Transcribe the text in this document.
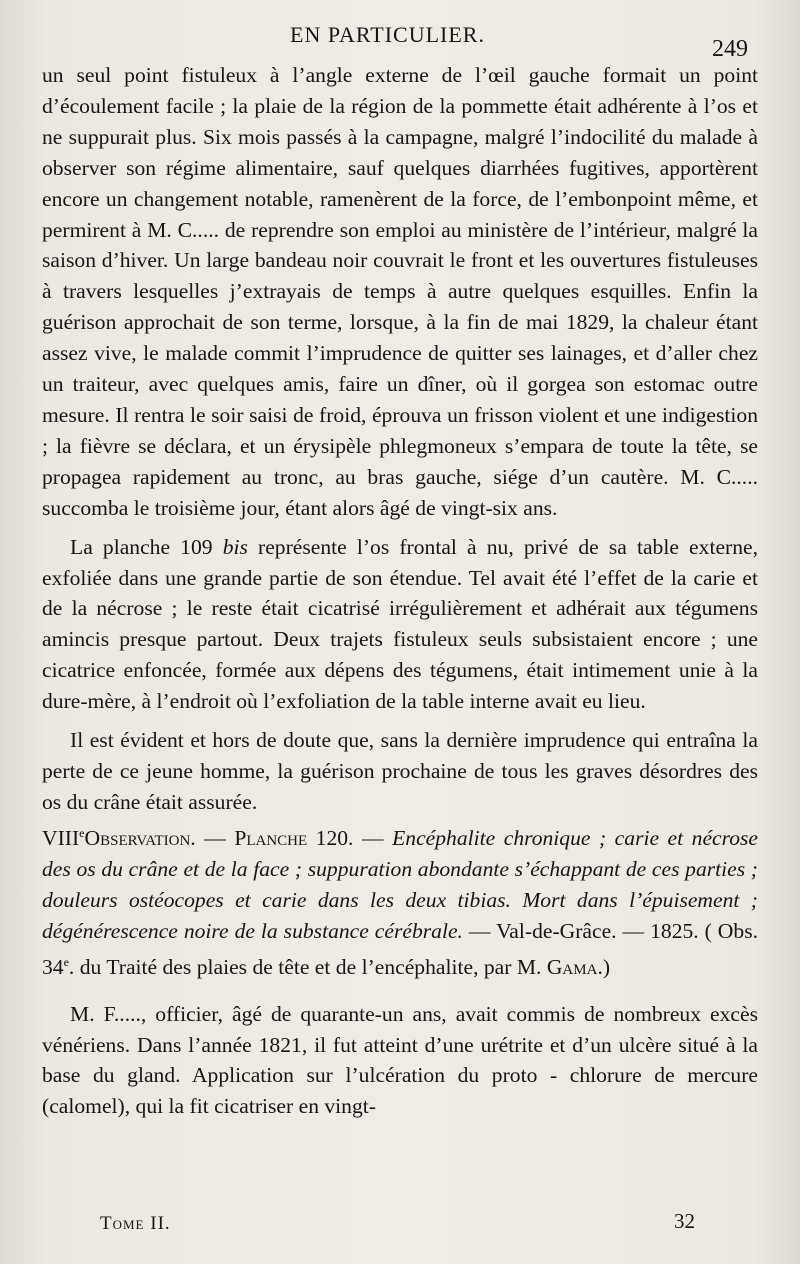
EN PARTICULIER.
249

un seul point fistuleux à l’angle externe de l’œil gauche formait un point d’écoulement facile ; la plaie de la région de la pommette était adhérente à l’os et ne suppurait plus. Six mois passés à la campagne, malgré l’indocilité du malade à observer son régime alimentaire, sauf quelques diarrhées fugitives, apportèrent encore un changement notable, ramenèrent de la force, de l’embonpoint même, et permirent à M. C..... de reprendre son emploi au ministère de l’intérieur, malgré la saison d’hiver. Un large bandeau noir couvrait le front et les ouvertures fistuleuses à travers lesquelles j’extrayais de temps à autre quelques esquilles. Enfin la guérison approchait de son terme, lorsque, à la fin de mai 1829, la chaleur étant assez vive, le malade commit l’imprudence de quitter ses lainages, et d’aller chez un traiteur, avec quelques amis, faire un dîner, où il gorgea son estomac outre mesure. Il rentra le soir saisi de froid, éprouva un frisson violent et une indigestion ; la fièvre se déclara, et un érysipèle phlegmoneux s’empara de toute la tête, se propagea rapidement au tronc, au bras gauche, siége d’un cautère. M. C..... succomba le troisième jour, étant alors âgé de vingt-six ans.

La planche 109 bis représente l’os frontal à nu, privé de sa table externe, exfoliée dans une grande partie de son étendue. Tel avait été l’effet de la carie et de la nécrose ; le reste était cicatrisé irrégulièrement et adhérait aux tégumens amincis presque partout. Deux trajets fistuleux seuls subsistaient encore ; une cicatrice enfoncée, formée aux dépens des tégumens, était intimement unie à la dure-mère, à l’endroit où l’exfoliation de la table interne avait eu lieu.

Il est évident et hors de doute que, sans la dernière imprudence qui entraîna la perte de ce jeune homme, la guérison prochaine de tous les graves désordres des os du crâne était assurée.

VIIIeObservation. — Planche 120. — Encéphalite chronique ; carie et nécrose des os du crâne et de la face ; suppuration abondante s’échappant de ces parties ; douleurs ostéocopes et carie dans les deux tibias. Mort dans l’épuisement ; dégénérescence noire de la substance cérébrale. — Val-de-Grâce. — 1825. ( Obs. 34e. du Traité des plaies de tête et de l’encéphalite, par M. Gama.)

M. F....., officier, âgé de quarante-un ans, avait commis de nombreux excès vénériens. Dans l’année 1821, il fut atteint d’une urétrite et d’un ulcère situé à la base du gland. Application sur l’ulcération du proto - chlorure de mercure (calomel), qui la fit cicatriser en vingt-

Tome II.	32
